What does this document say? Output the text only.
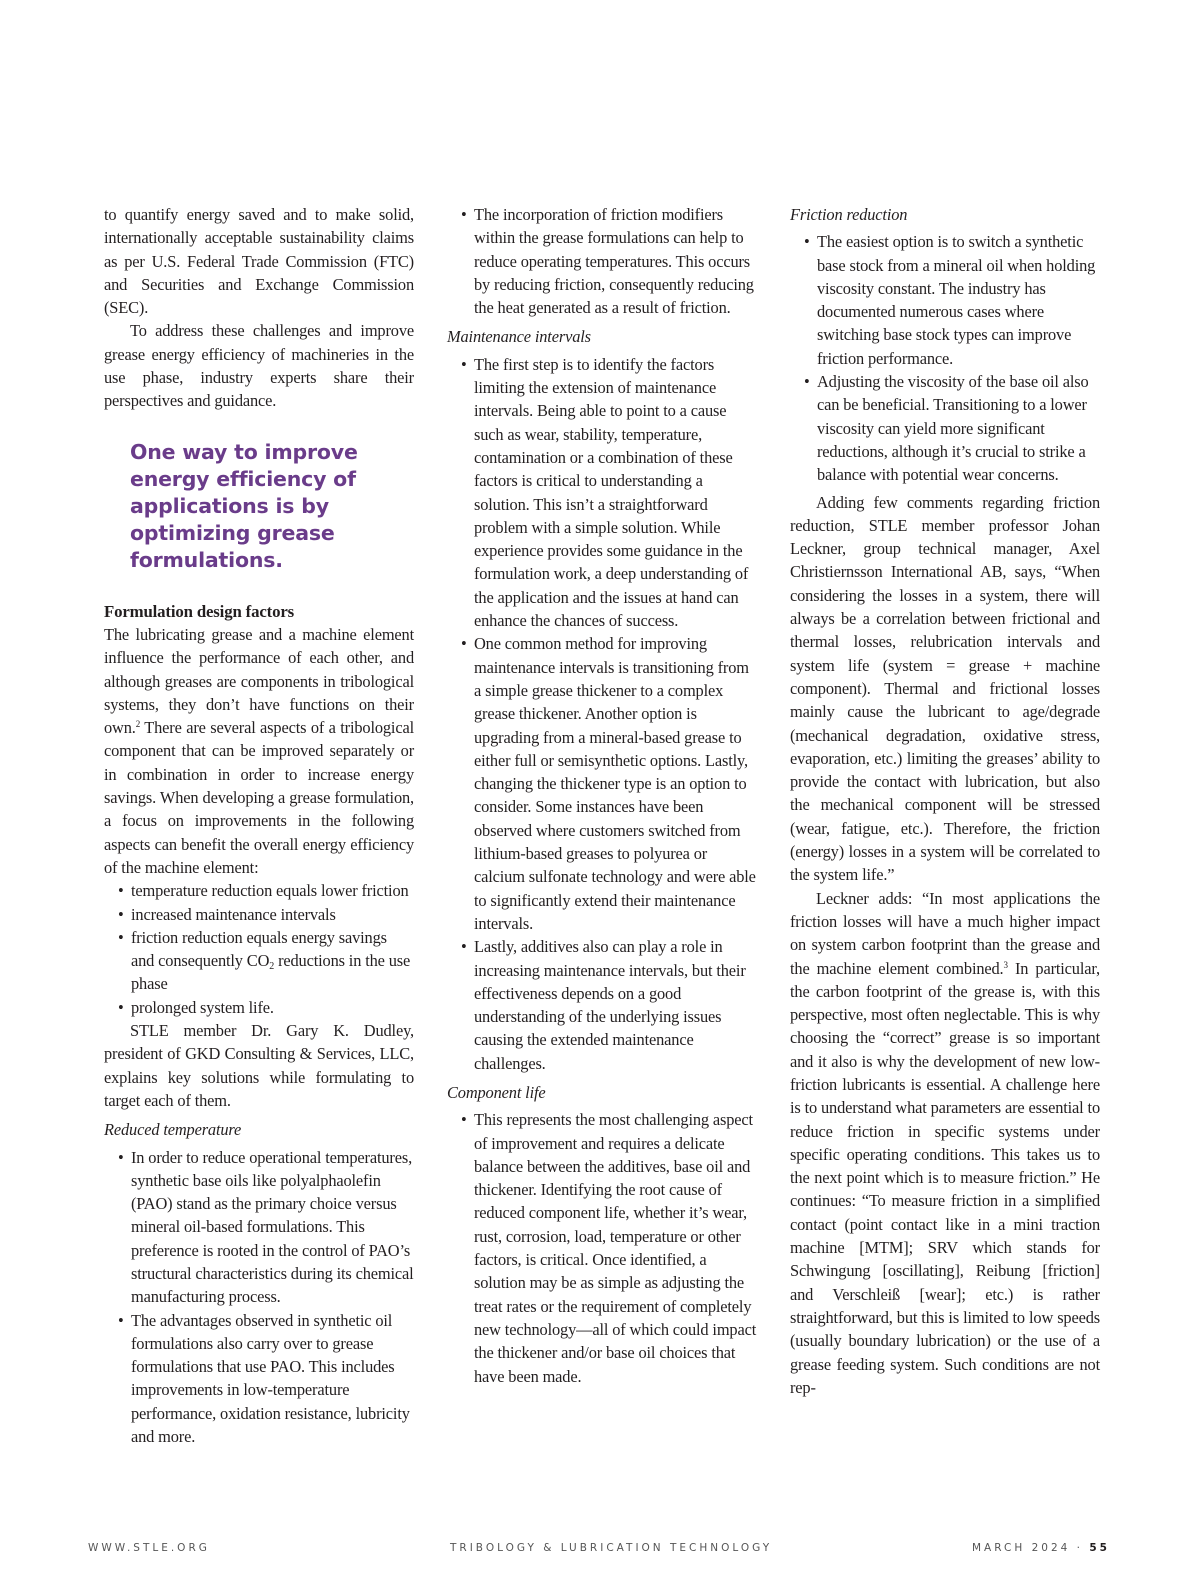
to quantify energy saved and to make solid, internationally acceptable sustainability claims as per U.S. Federal Trade Commission (FTC) and Securities and Exchange Commission (SEC).

To address these challenges and improve grease energy efficiency of machineries in the use phase, industry experts share their perspectives and guidance.

One way to improve energy efficiency of applications is by optimizing grease formulations.
Formulation design factors

The lubricating grease and a machine element influence the performance of each other, and although greases are components in tribological systems, they don’t have functions on their own.$^2$ There are several aspects of a tribological component that can be improved separately or in combination in order to increase energy savings. When developing a grease formulation, a focus on improvements in the following aspects can benefit the overall energy efficiency of the machine element:

• temperature reduction equals lower friction
• increased maintenance intervals
• friction reduction equals energy savings and consequently $CO_2$ reductions in the use phase
• prolonged system life.

STLE member Dr. Gary K. Dudley, president of GKD Consulting & Services, LLC, explains key solutions while formulating to target each of them.

Reduced temperature
• In order to reduce operational temperatures, synthetic base oils like polyalphaolefin (PAO) stand as the primary choice versus mineral oil-based formulations. This preference is rooted in the control of PAO’s structural characteristics during its chemical manufacturing process.
• The advantages observed in synthetic oil formulations also carry over to grease formulations that use PAO. This includes improvements in low-temperature performance, oxidation resistance, lubricity and more.
• The incorporation of friction modifiers within the grease formulations can help to reduce operating temperatures. This occurs by reducing friction, consequently reducing the heat generated as a result of friction.
Maintenance intervals
• The first step is to identify the factors limiting the extension of maintenance intervals. Being able to point to a cause such as wear, stability, temperature, contamination or a combination of these factors is critical to understanding a solution. This isn’t a straightforward problem with a simple solution. While experience provides some guidance in the formulation work, a deep understanding of the application and the issues at hand can enhance the chances of success.
• One common method for improving maintenance intervals is transitioning from a simple grease thickener to a complex grease thickener. Another option is upgrading from a mineral-based grease to either full or semisynthetic options. Lastly, changing the thickener type is an option to consider. Some instances have been observed where customers switched from lithium-based greases to polyurea or calcium sulfonate technology and were able to significantly extend their maintenance intervals.
• Lastly, additives also can play a role in increasing maintenance intervals, but their effectiveness depends on a good understanding of the underlying issues causing the extended maintenance challenges.
Component life
• This represents the most challenging aspect of improvement and requires a delicate balance between the additives, base oil and thickener. Identifying the root cause of reduced component life, whether it’s wear, rust, corrosion, load, temperature or other factors, is critical. Once identified, a solution may be as simple as adjusting the treat rates or the requirement of completely new technology—all of which could impact the thickener and/or base oil choices that have been made.
Friction reduction
• The easiest option is to switch a synthetic base stock from a mineral oil when holding viscosity constant. The industry has documented numerous cases where switching base stock types can improve friction performance.
• Adjusting the viscosity of the base oil also can be beneficial. Transitioning to a lower viscosity can yield more significant reductions, although it’s crucial to strike a balance with potential wear concerns.

Adding few comments regarding friction reduction, STLE member professor Johan Leckner, group technical manager, Axel Christiernsson International AB, says, “When considering the losses in a system, there will always be a correlation between frictional and thermal losses, relubrication intervals and system life (system = grease + machine component). Thermal and frictional losses mainly cause the lubricant to age/degrade (mechanical degradation, oxidative stress, evaporation, etc.) limiting the greases’ ability to provide the contact with lubrication, but also the mechanical component will be stressed (wear, fatigue, etc.). Therefore, the friction (energy) losses in a system will be correlated to the system life.”

Leckner adds: “In most applications the friction losses will have a much higher impact on system carbon footprint than the grease and the machine element combined.$^3$ In particular, the carbon footprint of the grease is, with this perspective, most often neglectable. This is why choosing the “correct” grease is so important and it also is why the development of new low-friction lubricants is essential. A challenge here is to understand what parameters are essential to reduce friction in specific systems under specific operating conditions. This takes us to the next point which is to measure friction.” He continues: “To measure friction in a simplified contact (point contact like in a mini traction machine [MTM]; SRV which stands for Schwingung [oscillating], Reibung [friction] and Verschleiß [wear]; etc.) is rather straightforward, but this is limited to low speeds (usually boundary lubrication) or the use of a grease feeding system. Such conditions are not rep-

WWW.STLE.ORG	TRIBOLOGY & LUBRICATION TECHNOLOGY	MARCH 2024 · 55
